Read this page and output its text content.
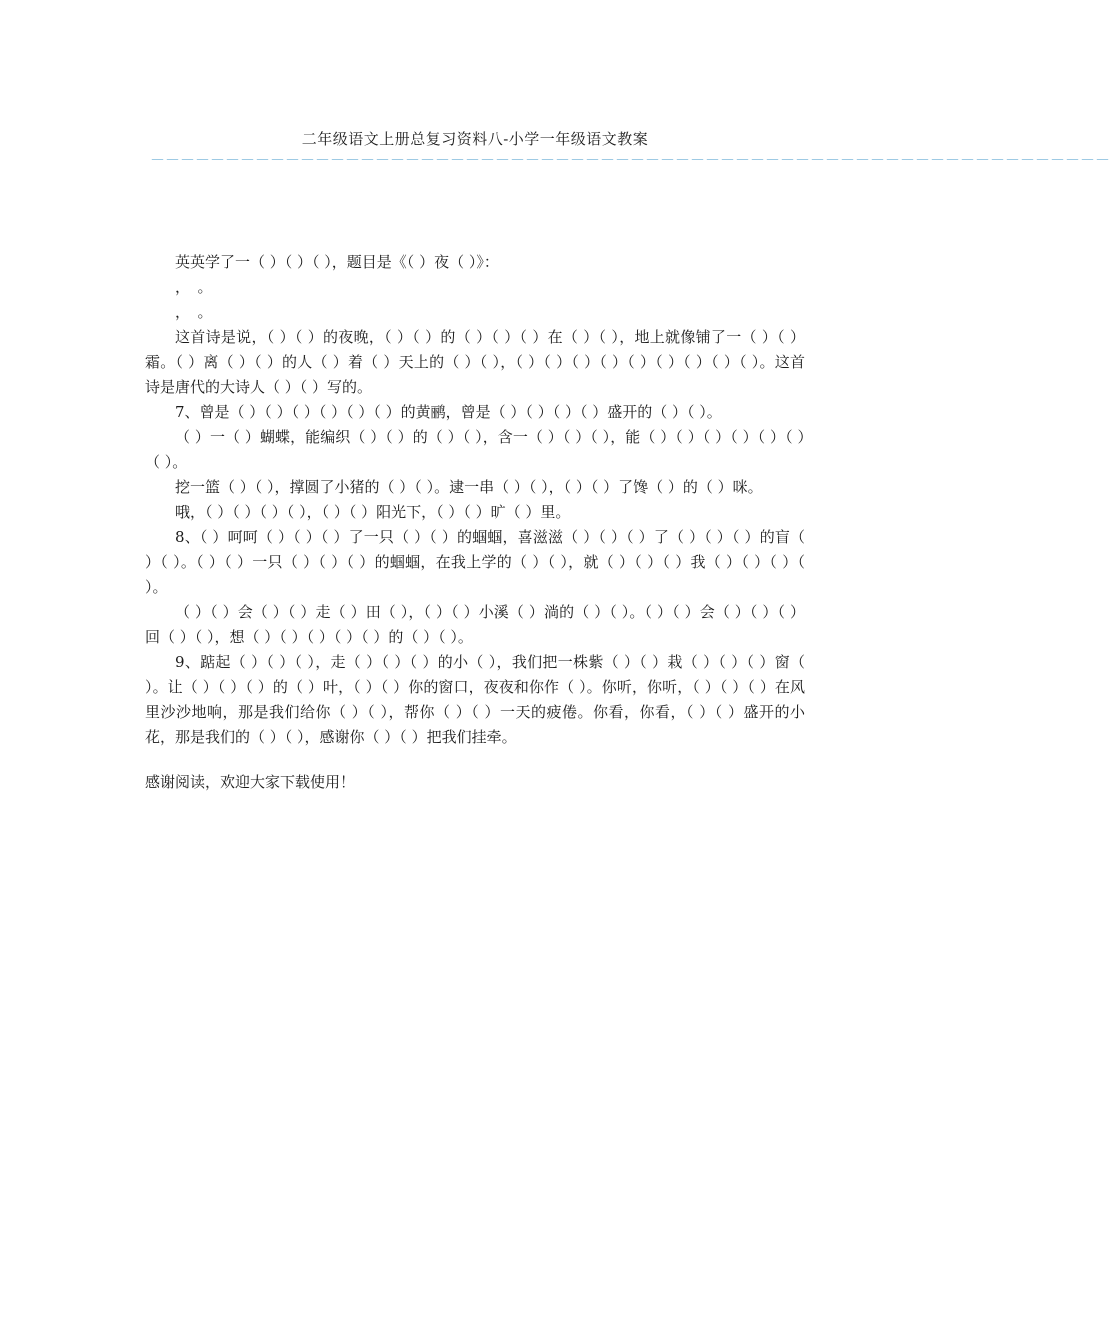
二年级语文上册总复习资料八-小学一年级语文教案
－－－－－－－－－－－－－－－－－－－－－－－－－－－－－－－－－－－－－－－－－－－－－－－－－－－－－－－－－－－－－－－－

英英学了一（ ）（ ）（ ），题目是《（ ）夜（ ）》：

，　。

，　。

这首诗是说，（ ）（ ）的夜晚，（ ）（ ）的（ ）（ ）（ ）在（ ）（ ），地上就像铺了一（ ）（ ）霜。（ ）离（ ）（ ）的人（ ）着（ ）天上的（ ）（ ），（ ）（ ）（ ）（ ）（ ）（ ）（ ）（ ）（ ）。这首诗是唐代的大诗人（ ）（ ）写的。

7、曾是（ ）（ ）（ ）（ ）（ ）（ ）的黄鹂，曾是（ ）（ ）（ ）（ ）盛开的（ ）（ ）。

（ ）一（ ）蝴蝶，能编织（ ）（ ）的（ ）（ ），含一（ ）（ ）（ ），能（ ）（ ）（ ）（ ）（ ）（ ）（ ）。

挖一篮（ ）（ ），撑圆了小猪的（ ）（ ）。逮一串（ ）（ ），（ ）（ ）了馋（ ）的（ ）咪。

哦，（ ）（ ）（ ）（ ），（ ）（ ）阳光下，（ ）（ ）旷（ ）里。

8、（ ）呵呵（ ）（ ）（ ）了一只（ ）（ ）的蝈蝈，喜滋滋（ ）（ ）（ ）了（ ）（ ）（ ）的盲（ ）（ ）。（ ）（ ）一只（ ）（ ）（ ）的蝈蝈，在我上学的（ ）（ ），就（ ）（ ）（ ）我（ ）（ ）（ ）（ ）。

（ ）（ ）会（ ）（ ）走（ ）田（ ），（ ）（ ）小溪（ ）淌的（ ）（ ）。（ ）（ ）会（ ）（ ）（ ）回（ ）（ ），想（ ）（ ）（ ）（ ）（ ）的（ ）（ ）。

9、踮起（ ）（ ）（ ），走（ ）（ ）（ ）的小（ ），我们把一株紫（ ）（ ）栽（ ）（ ）（ ）窗（ ）。让（ ）（ ）（ ）的（ ）叶，（ ）（ ）你的窗口，夜夜和你作（ ）。你听，你听，（ ）（ ）（ ）在风里沙沙地响，那是我们给你（ ）（ ），帮你（ ）（ ）一天的疲倦。你看，你看，（ ）（ ）盛开的小花，那是我们的（ ）（ ），感谢你（ ）（ ）把我们挂牵。

感谢阅读，欢迎大家下载使用！
